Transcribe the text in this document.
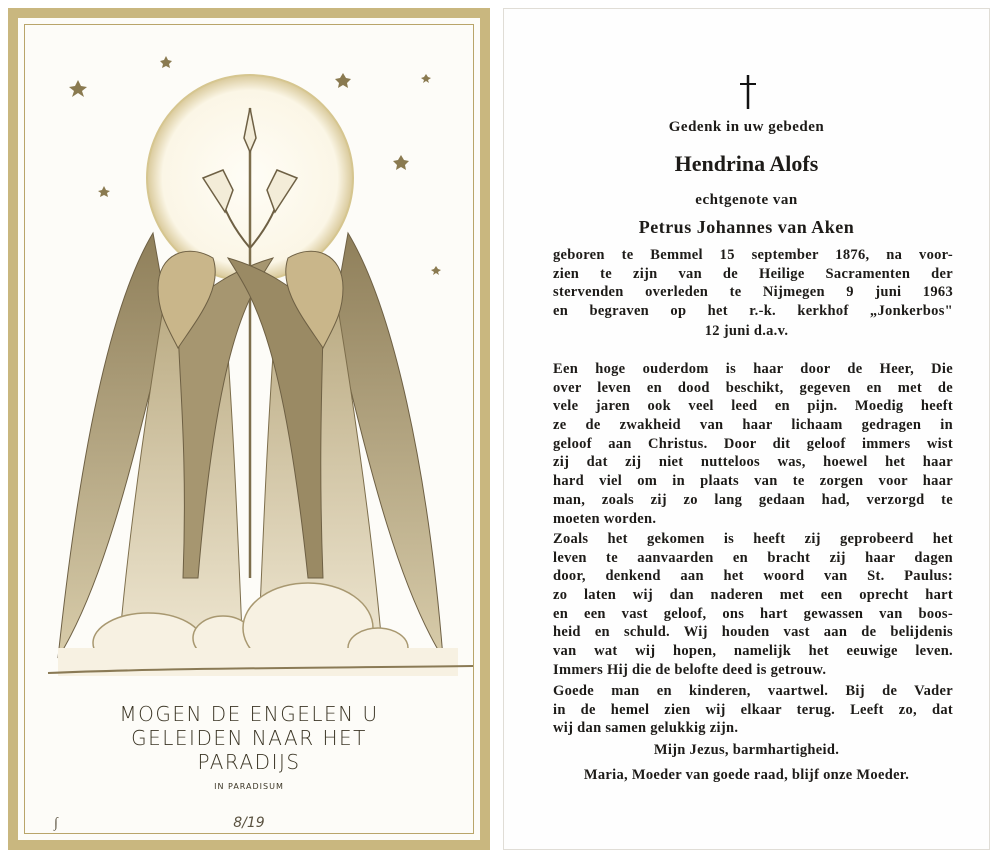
MOGEN DE ENGELEN U
GELEIDEN NAAR HET
PARADIJS
IN PARADISUM
∫	8/19
Gedenk in uw gebeden
Hendrina Alofs
echtgenote van
Petrus Johannes van Aken
geboren te Bemmel 15 september 1876, na voor-
zien te zijn van de Heilige Sacramenten der
stervenden overleden te Nijmegen 9 juni 1963
en begraven op het r.-k. kerkhof „Jonkerbos"
12 juni d.a.v.
Een hoge ouderdom is haar door de Heer, Die
over leven en dood beschikt, gegeven en met de
vele jaren ook veel leed en pijn. Moedig heeft
ze de zwakheid van haar lichaam gedragen in
geloof aan Christus. Door dit geloof immers wist
zij dat zij niet nutteloos was, hoewel het haar
hard viel om in plaats van te zorgen voor haar
man, zoals zij zo lang gedaan had, verzorgd te
moeten worden.
Zoals het gekomen is heeft zij geprobeerd het
leven te aanvaarden en bracht zij haar dagen
door, denkend aan het woord van St. Paulus:
zo laten wij dan naderen met een oprecht hart
en een vast geloof, ons hart gewassen van boos-
heid en schuld. Wij houden vast aan de belijdenis
van wat wij hopen, namelijk het eeuwige leven.
Immers Hij die de belofte deed is getrouw.
Goede man en kinderen, vaartwel. Bij de Vader
in de hemel zien wij elkaar terug. Leeft zo, dat
wij dan samen gelukkig zijn.
Mijn Jezus, barmhartigheid.
Maria, Moeder van goede raad, blijf onze Moeder.
